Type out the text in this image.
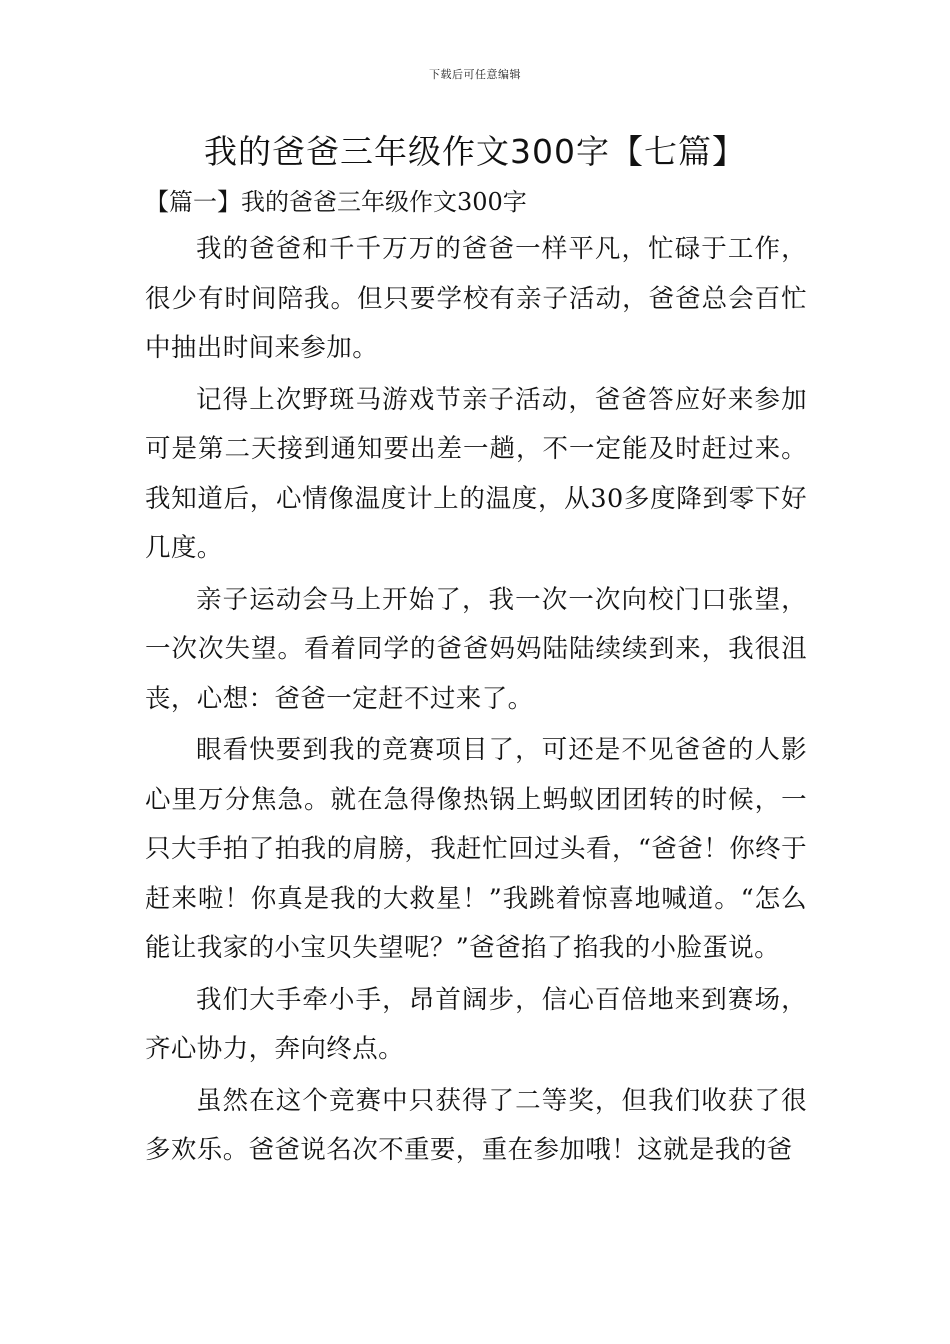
下载后可任意编辑
我的爸爸三年级作文300字【七篇】
【篇一】我的爸爸三年级作文300字

我的爸爸和千千万万的爸爸一样平凡，忙碌于工作，很少有时间陪我。但只要学校有亲子活动，爸爸总会百忙中抽出时间来参加。

记得上次野斑马游戏节亲子活动，爸爸答应好来参加可是第二天接到通知要出差一趟，不一定能及时赶过来。我知道后，心情像温度计上的温度，从30多度降到零下好几度。

亲子运动会马上开始了，我一次一次向校门口张望，一次次失望。看着同学的爸爸妈妈陆陆续续到来，我很沮丧，心想：爸爸一定赶不过来了。

眼看快要到我的竞赛项目了，可还是不见爸爸的人影心里万分焦急。就在急得像热锅上蚂蚁团团转的时候，一只大手拍了拍我的肩膀，我赶忙回过头看，“爸爸！你终于赶来啦！你真是我的大救星！”我跳着惊喜地喊道。“怎么能让我家的小宝贝失望呢？”爸爸掐了掐我的小脸蛋说。

我们大手牵小手，昂首阔步，信心百倍地来到赛场，齐心协力，奔向终点。

虽然在这个竞赛中只获得了二等奖，但我们收获了很多欢乐。爸爸说名次不重要，重在参加哦！这就是我的爸
